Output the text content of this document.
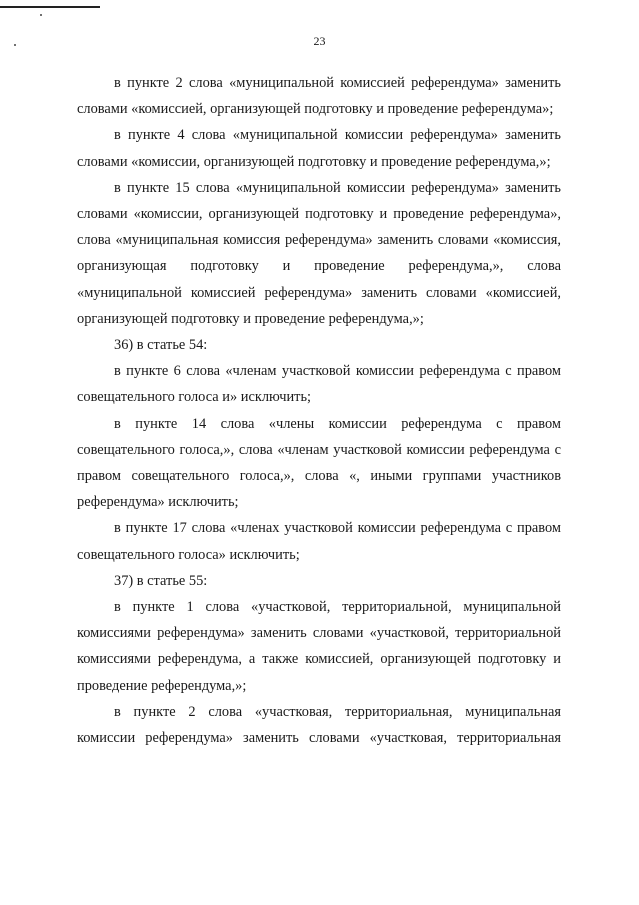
23

в пункте 2 слова «муниципальной комиссией референдума» заменить словами «комиссией, организующей подготовку и проведение референдума»;

в пункте 4 слова «муниципальной комиссии референдума» заменить словами «комиссии, организующей подготовку и проведение референдума,»;

в пункте 15 слова «муниципальной комиссии референдума» заменить словами «комиссии, организующей подготовку и проведение референдума», слова «муниципальная комиссия референдума» заменить словами «комиссия, организующая подготовку и проведение референдума,», слова «муниципальной комиссией референдума» заменить словами «комиссией, организующей подготовку и проведение референдума,»;

36) в статье 54:

в пункте 6 слова «членам участковой комиссии референдума с правом совещательного голоса и» исключить;

в пункте 14 слова «члены комиссии референдума с правом совещательного голоса,», слова «членам участковой комиссии референдума с правом совещательного голоса,», слова «, иными группами участников референдума» исключить;

в пункте 17 слова «членах участковой комиссии референдума с правом совещательного голоса» исключить;

37) в статье 55:

в пункте 1 слова «участковой, территориальной, муниципальной комиссиями референдума» заменить словами «участковой, территориальной комиссиями референдума, а также комиссией, организующей подготовку и проведение референдума,»;

в пункте 2 слова «участковая, территориальная, муниципальная комиссии референдума» заменить словами «участковая, территориальная
